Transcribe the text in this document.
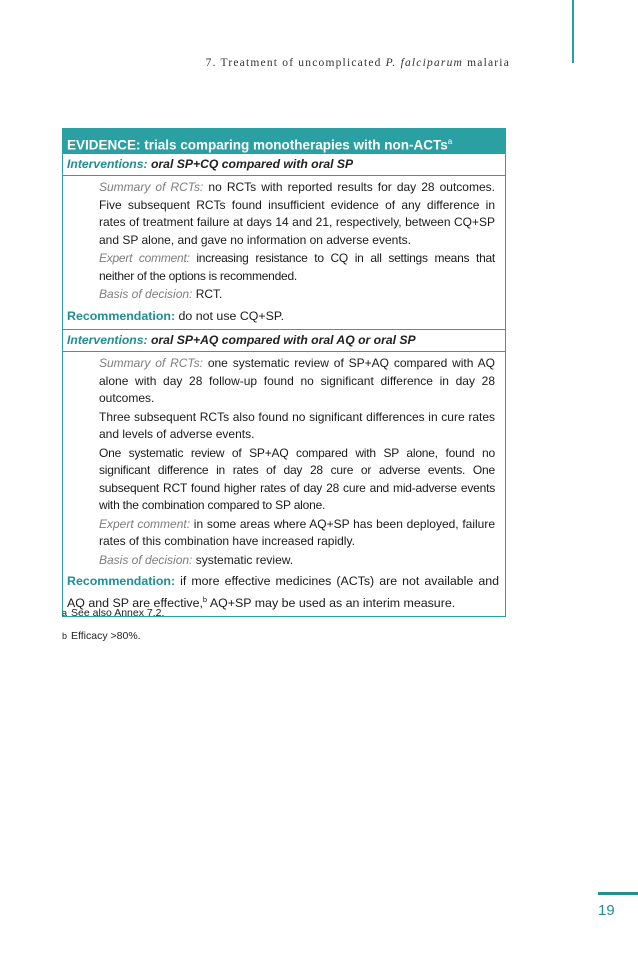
7. Treatment of uncomplicated P. falciparum malaria
EVIDENCE: trials comparing monotherapies with non-ACTs$^a$
Interventions: oral SP+CQ compared with oral SP

Summary of RCTs: no RCTs with reported results for day 28 outcomes. Five subsequent RCTs found insufficient evidence of any difference in rates of treatment failure at days 14 and 21, respectively, between CQ+SP and SP alone, and gave no information on adverse events.

Expert comment: increasing resistance to CQ in all settings means that neither of the options is recommended.

Basis of decision: RCT.

Recommendation: do not use CQ+SP.
Interventions: oral SP+AQ compared with oral AQ or oral SP

Summary of RCTs: one systematic review of SP+AQ compared with AQ alone with day 28 follow-up found no significant difference in day 28 outcomes.

Three subsequent RCTs also found no significant differences in cure rates and levels of adverse events.

One systematic review of SP+AQ compared with SP alone, found no significant difference in rates of day 28 cure or adverse events. One subsequent RCT found higher rates of day 28 cure and mid-adverse events with the combination compared to SP alone.

Expert comment: in some areas where AQ+SP has been deployed, failure rates of this combination have increased rapidly.

Basis of decision: systematic review.

Recommendation: if more effective medicines (ACTs) are not available and AQ and SP are effective,$^b$ AQ+SP may be used as an interim measure.
a See also Annex 7.2.
b Efficacy >80%.
19
